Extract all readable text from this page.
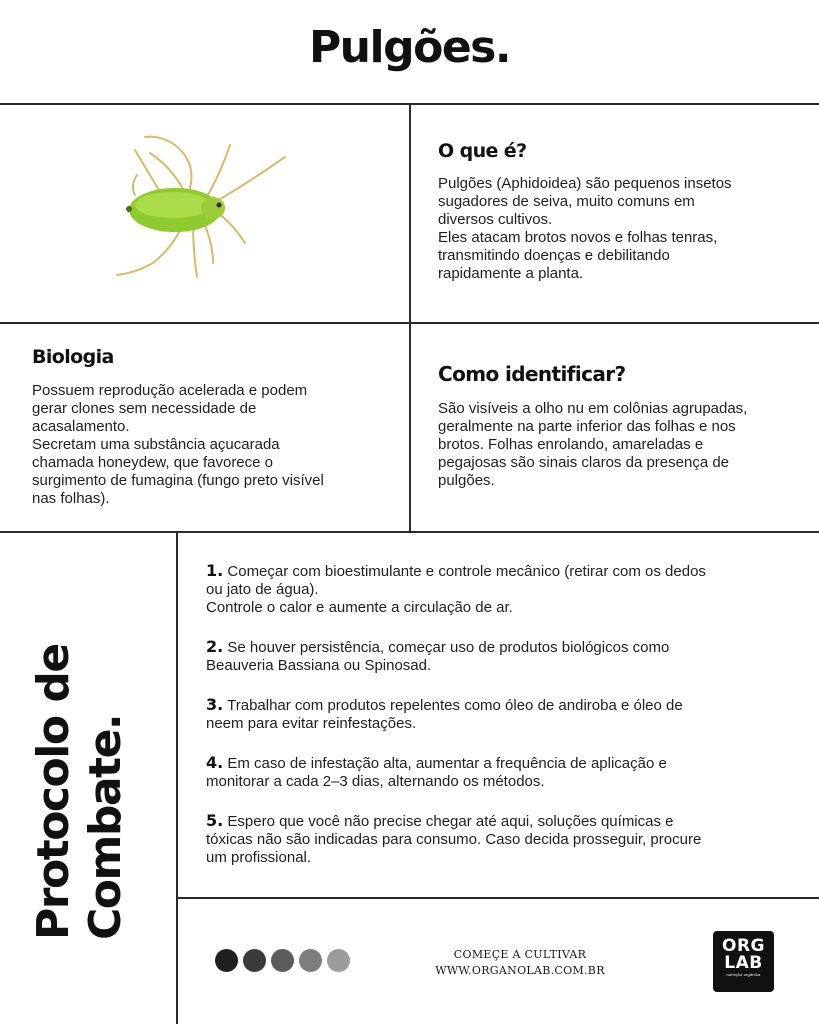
Pulgões.
O que é?
Pulgões (Aphidoidea) são pequenos insetos
sugadores de seiva, muito comuns em
diversos cultivos.
Eles atacam brotos novos e folhas tenras,
transmitindo doenças e debilitando
rapidamente a planta.
Biologia
Possuem reprodução acelerada e podem
gerar clones sem necessidade de
acasalamento.
Secretam uma substância açucarada
chamada honeydew, que favorece o
surgimento de fumagina (fungo preto visível
nas folhas).
Como identificar?
São visíveis a olho nu em colônias agrupadas,
geralmente na parte inferior das folhas e nos
brotos. Folhas enrolando, amareladas e
pegajosas são sinais claros da presença de
pulgões.
Protocolo de
Combate.
1. Começar com bioestimulante e controle mecânico (retirar com os dedos
ou jato de água).
Controle o calor e aumente a circulação de ar.
2. Se houver persistência, começar uso de produtos biológicos como
Beauveria Bassiana ou Spinosad.
3. Trabalhar com produtos repelentes como óleo de andiroba e óleo de
neem para evitar reinfestações.
4. Em caso de infestação alta, aumentar a frequência de aplicação e
monitorar a cada 2–3 dias, alternando os métodos.
5. Espero que você não precise chegar até aqui, soluções químicas e
tóxicas não são indicadas para consumo. Caso decida prosseguir, procure
um profissional.
COMEÇE A CULTIVAR
WWW.ORGANOLAB.COM.BR
ORG
LAB
nutrição orgânica
